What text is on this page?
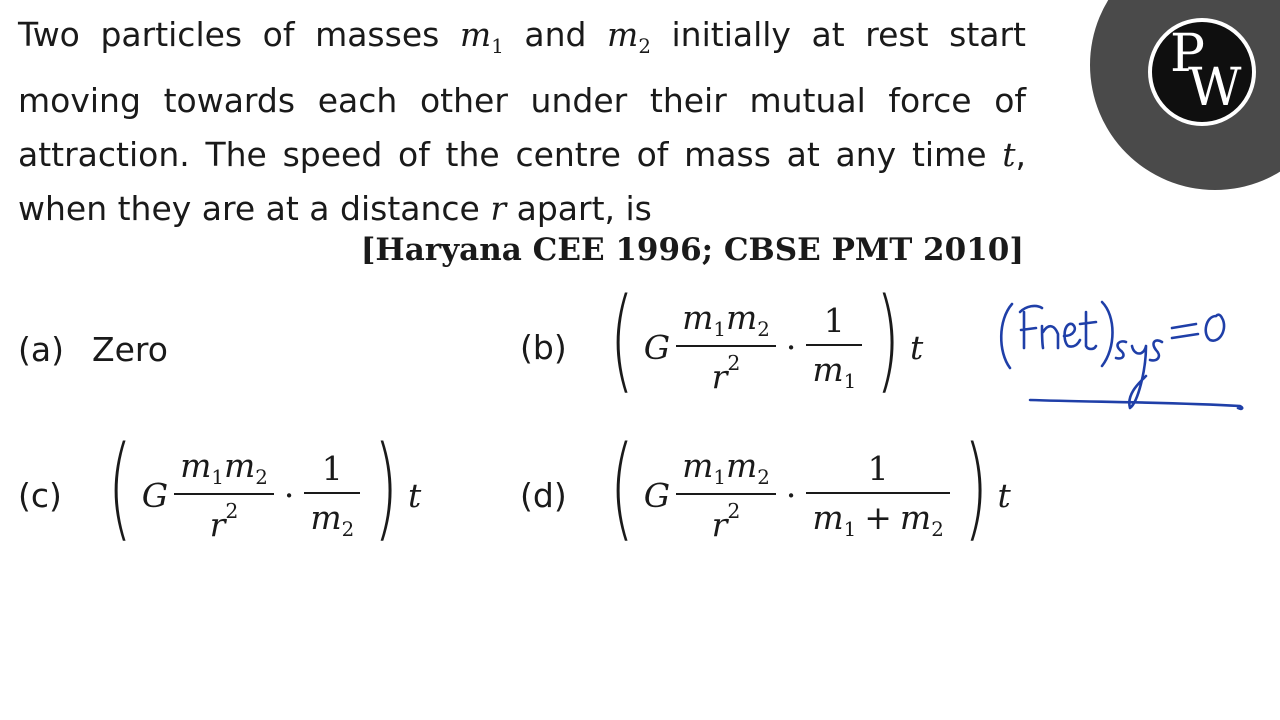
Two particles of masses $m_1$ and $m_2$ initially at rest start
moving towards each other under their mutual force of
attraction. The speed of the centre of mass at any time t,
when they are at a distance r apart, is
[Haryana CEE 1996; CBSE PMT 2010]
(a) Zero	(b) ( G $\frac{m_1m_2}{r^2} \cdot \frac{1}{m_1}$ ) t
(c) ( G $\frac{m_1m_2}{r^2} \cdot \frac{1}{m_2}$ ) t	(d) ( G $\frac{m_1m_2}{r^2} \cdot \frac{1}{m_1 + m_2}$ ) t
P
W
